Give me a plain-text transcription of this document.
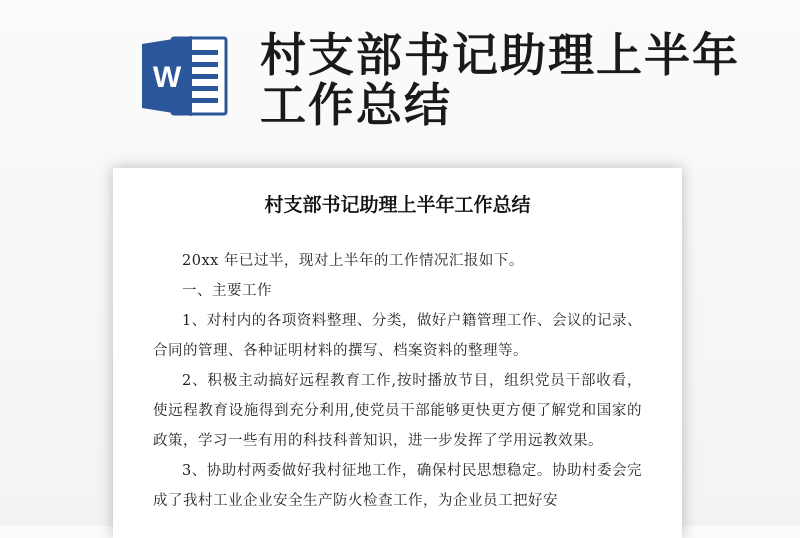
W 村支部书记助理上半年工作总结
村支部书记助理上半年工作总结

20xx 年已过半，现对上半年的工作情况汇报如下。

一、主要工作

1、对村内的各项资料整理、分类，做好户籍管理工作、会议的记录、合同的管理、各种证明材料的撰写、档案资料的整理等。

2、积极主动搞好远程教育工作,按时播放节目，组织党员干部收看，使远程教育设施得到充分利用,使党员干部能够更快更方便了解党和国家的政策，学习一些有用的科技科普知识，进一步发挥了学用远教效果。

3、协助村两委做好我村征地工作，确保村民思想稳定。协助村委会完成了我村工业企业安全生产防火检查工作，为企业员工把好安
